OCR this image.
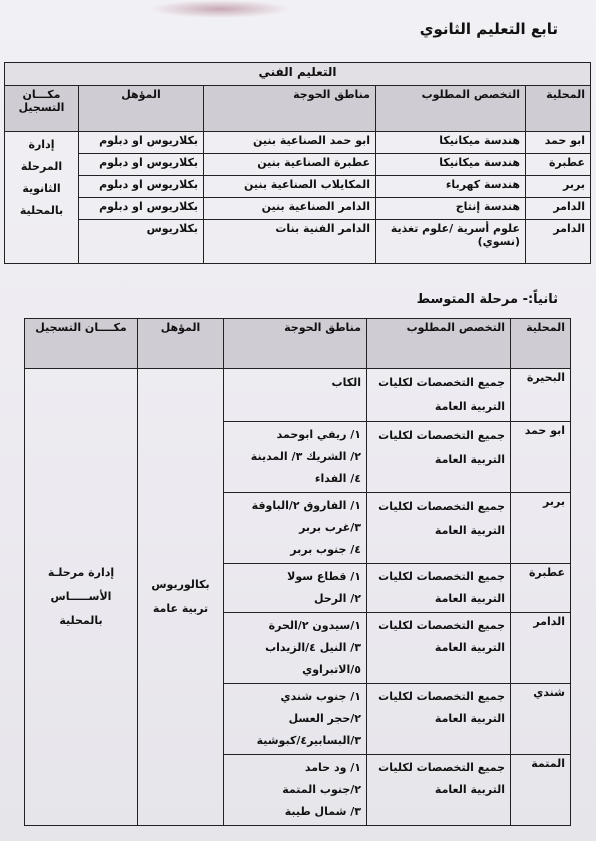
تابع التعليم الثانوي
التعليم الفني				
المحلية	التخصص المطلوب	مناطق الحوجة	المؤهل	مكـــان التسجيل
ابو حمد	هندسة ميكانيكا	ابو حمد الصناعية بنين	بكلاريوس او دبلوم	إدارة
المرحلة
الثانوية
بالمحلية

عطبرة	هندسة ميكانيكا	عطبرة الصناعية بنين	بكلاريوس او دبلوم	
بربر	هندسة كهرباء	المكايلاب الصناعية بنين	بكلاريوس او دبلوم	
الدامر	هندسة إنتاج	الدامر الصناعية بنين	بكلاريوس او دبلوم	
الدامر	علوم أسرية /علوم تغذية (نسوي)	الدامر الفنية بنات	بكلاريوس	
ثانياً:- مرحلة المتوسط
المحلية	التخصص المطلوب	مناطق الحوجة	المؤهل	مكــــان التسجيل
البحيرة	جميع التخصصات لكليات
التربية العامة	الكاب	بكالوريوس
تربية عامة	إدارة مرحلـة
الأســـــاس
بالمحلية

ابو حمد	جميع التخصصات لكليات
التربية العامة	١/ ريفي ابوحمد
٢/ الشريك ٣/ المدينة
٤/ الفداء		

بربر	جميع التخصصات لكليات
التربية العامة	١/ الفاروق ٢/الباوقة
٣/غرب بربر
٤/ جنوب بربر		

عطبرة	جميع التخصصات لكليات
التربية العامة	١/ قطاع سولا
٢/ الرحل		

الدامر	جميع التخصصات لكليات
التربية العامة	١/سيدون ٢/الحرة
٣/ النيل ٤/الزيداب
٥/الاتبراوي		

شندي	جميع التخصصات لكليات
التربية العامة	١/ جنوب شندي
٢/حجر العسل
٣/البسابير٤/كبوشية		

المتمة	جميع التخصصات لكليات
التربية العامة	١/ ود حامد
٢/جنوب المتمة
٣/ شمال طيبة		
